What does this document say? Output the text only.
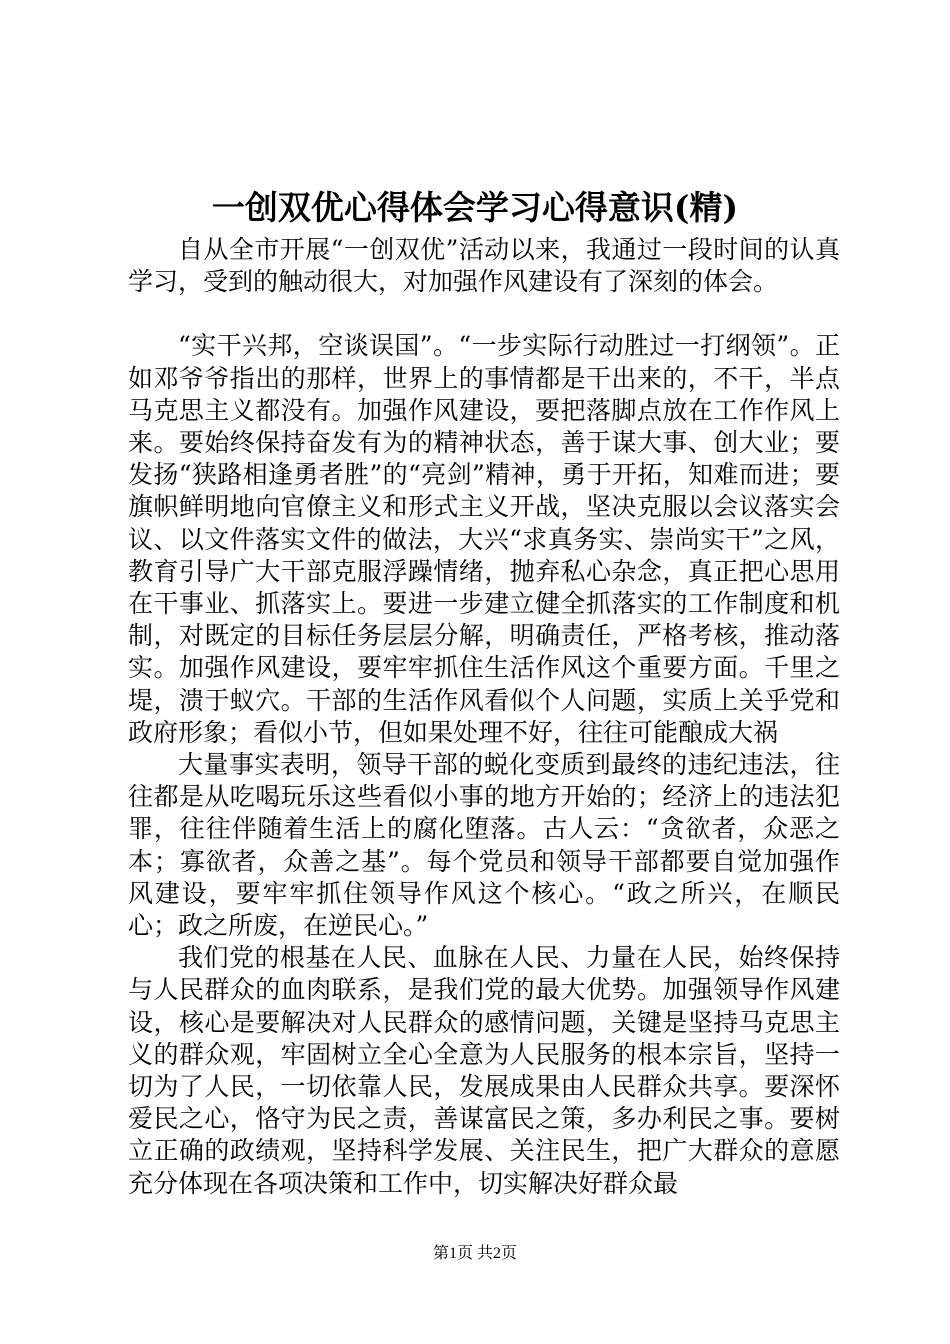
一创双优心得体会学习心得意识(精)

自从全市开展“一创双优”活动以来，我通过一段时间的认真学习，受到的触动很大，对加强作风建设有了深刻的体会。

“实干兴邦，空谈误国”。“一步实际行动胜过一打纲领”。正如邓爷爷指出的那样，世界上的事情都是干出来的，不干，半点马克思主义都没有。加强作风建设，要把落脚点放在工作作风上来。要始终保持奋发有为的精神状态，善于谋大事、创大业；要发扬“狭路相逢勇者胜”的“亮剑”精神，勇于开拓，知难而进；要旗帜鲜明地向官僚主义和形式主义开战，坚决克服以会议落实会议、以文件落实文件的做法，大兴“求真务实、崇尚实干”之风，教育引导广大干部克服浮躁情绪，抛弃私心杂念，真正把心思用在干事业、抓落实上。要进一步建立健全抓落实的工作制度和机制，对既定的目标任务层层分解，明确责任，严格考核，推动落实。加强作风建设，要牢牢抓住生活作风这个重要方面。千里之堤，溃于蚁穴。干部的生活作风看似个人问题，实质上关乎党和政府形象；看似小节，但如果处理不好，往往可能酿成大祸

大量事实表明，领导干部的蜕化变质到最终的违纪违法，往往都是从吃喝玩乐这些看似小事的地方开始的；经济上的违法犯罪，往往伴随着生活上的腐化堕落。古人云：“贪欲者，众恶之本；寡欲者，众善之基”。每个党员和领导干部都要自觉加强作风建设，要牢牢抓住领导作风这个核心。“政之所兴，在顺民心；政之所废，在逆民心。”

我们党的根基在人民、血脉在人民、力量在人民，始终保持与人民群众的血肉联系，是我们党的最大优势。加强领导作风建设，核心是要解决对人民群众的感情问题，关键是坚持马克思主义的群众观，牢固树立全心全意为人民服务的根本宗旨，坚持一切为了人民，一切依靠人民，发展成果由人民群众共享。要深怀爱民之心，恪守为民之责，善谋富民之策，多办利民之事。要树立正确的政绩观，坚持科学发展、关注民生，把广大群众的意愿充分体现在各项决策和工作中，切实解决好群众最

第1页 共2页
